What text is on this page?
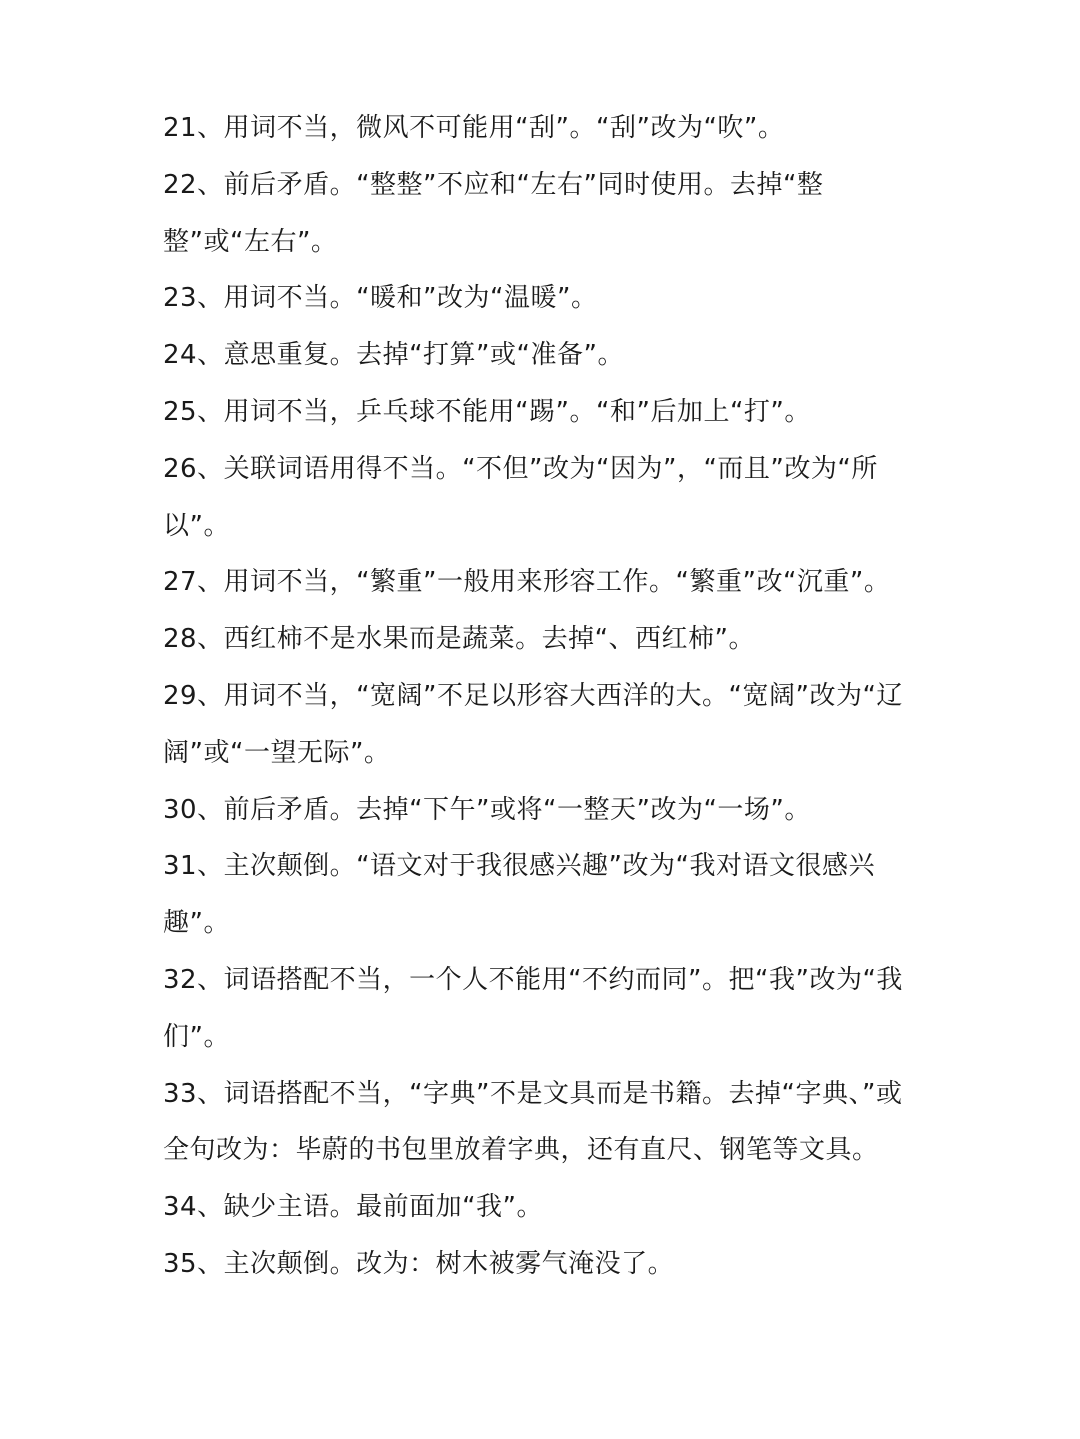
21、用词不当，微风不可能用“刮”。“刮”改为“吹”。
22、前后矛盾。“整整”不应和“左右”同时使用。去掉“整整”或“左右”。
23、用词不当。“暖和”改为“温暖”。
24、意思重复。去掉“打算”或“准备”。
25、用词不当，乒乓球不能用“踢”。“和”后加上“打”。
26、关联词语用得不当。“不但”改为“因为”，“而且”改为“所以”。
27、用词不当，“繁重”一般用来形容工作。“繁重”改“沉重”。
28、西红柿不是水果而是蔬菜。去掉“、西红柿”。
29、用词不当，“宽阔”不足以形容大西洋的大。“宽阔”改为“辽阔”或“一望无际”。
30、前后矛盾。去掉“下午”或将“一整天”改为“一场”。
31、主次颠倒。“语文对于我很感兴趣”改为“我对语文很感兴趣”。
32、词语搭配不当，一个人不能用“不约而同”。把“我”改为“我们”。
33、词语搭配不当，“字典”不是文具而是书籍。去掉“字典、”或全句改为：毕蔚的书包里放着字典，还有直尺、钢笔等文具。
34、缺少主语。最前面加“我”。
35、主次颠倒。改为：树木被雾气淹没了。
